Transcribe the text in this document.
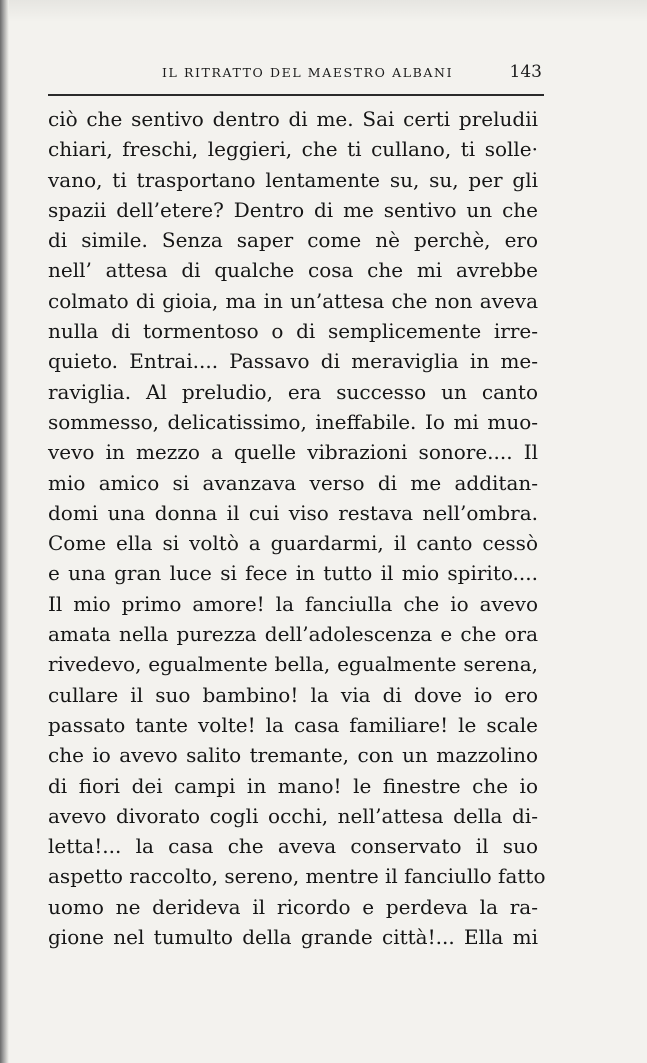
IL RITRATTO DEL MAESTRO ALBANI	143
ciò che sentivo dentro di me. Sai certi preludii
chiari, freschi, leggieri, che ti cullano, ti solle·
vano, ti trasportano lentamente su, su, per gli
spazii dell’etere? Dentro di me sentivo un che
di simile. Senza saper come nè perchè, ero
nell’ attesa di qualche cosa che mi avrebbe
colmato di gioia, ma in un’attesa che non aveva
nulla di tormentoso o di semplicemente irre-
quieto. Entrai.... Passavo di meraviglia in me-
raviglia. Al preludio, era successo un canto
sommesso, delicatissimo, ineffabile. Io mi muo-
vevo in mezzo a quelle vibrazioni sonore.... Il
mio amico si avanzava verso di me additan-
domi una donna il cui viso restava nell’ombra.
Come ella si voltò a guardarmi, il canto cessò
e una gran luce si fece in tutto il mio spirito....
Il mio primo amore! la fanciulla che io avevo
amata nella purezza dell’adolescenza e che ora
rivedevo, egualmente bella, egualmente serena,
cullare il suo bambino! la via di dove io ero
passato tante volte! la casa familiare! le scale
che io avevo salito tremante, con un mazzolino
di fiori dei campi in mano! le finestre che io
avevo divorato cogli occhi, nell’attesa della di-
letta!... la casa che aveva conservato il suo
aspetto raccolto, sereno, mentre il fanciullo fatto
uomo ne derideva il ricordo e perdeva la ra-
gione nel tumulto della grande città!... Ella mi
